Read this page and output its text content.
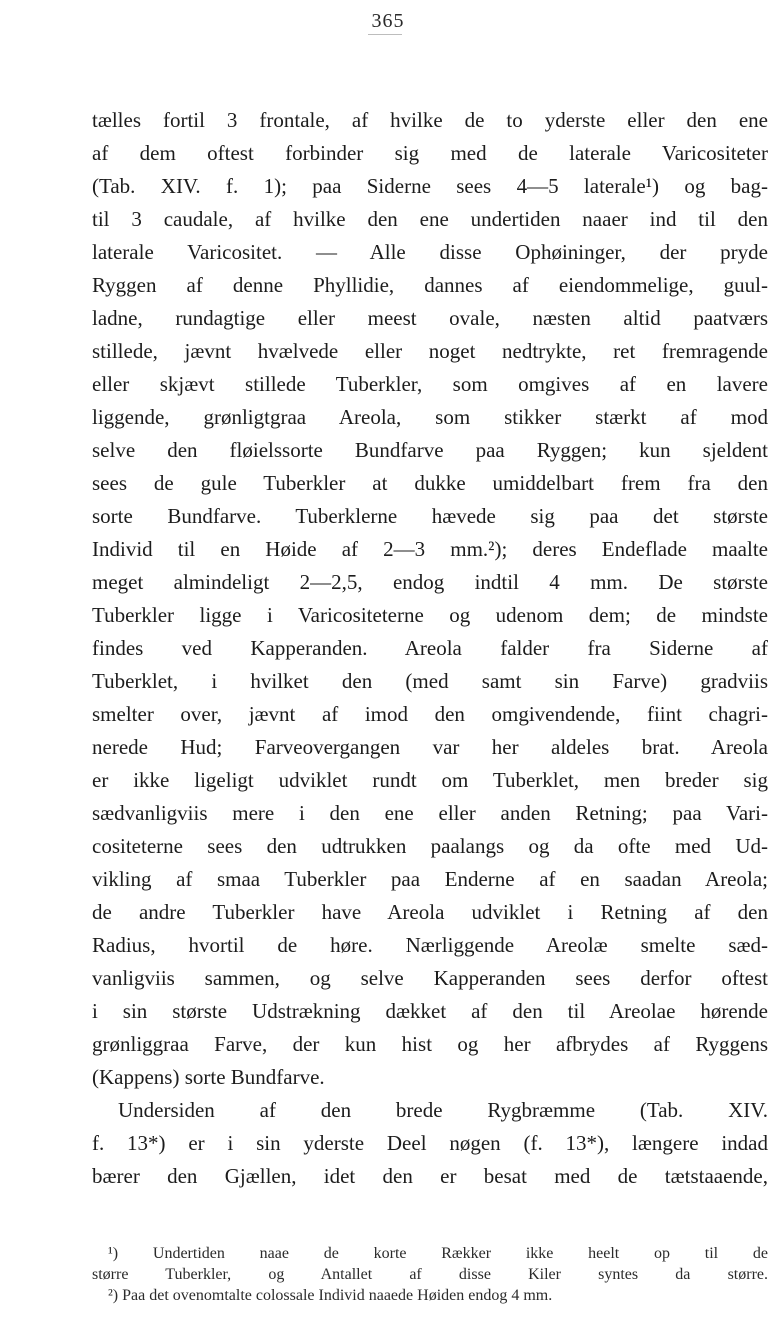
365
tælles fortil 3 frontale, af hvilke de to yderste eller den ene
af dem oftest forbinder sig med de laterale Varicositeter
(Tab. XIV. f. 1); paa Siderne sees 4—5 laterale¹) og bag-
til 3 caudale, af hvilke den ene undertiden naaer ind til den
laterale Varicositet. — Alle disse Ophøininger, der pryde
Ryggen af denne Phyllidie, dannes af eiendommelige, guul-
ladne, rundagtige eller meest ovale, næsten altid paatværs
stillede, jævnt hvælvede eller noget nedtrykte, ret fremragende
eller skjævt stillede Tuberkler, som omgives af en lavere
liggende, grønligtgraa Areola, som stikker stærkt af mod
selve den fløielssorte Bundfarve paa Ryggen; kun sjeldent
sees de gule Tuberkler at dukke umiddelbart frem fra den
sorte Bundfarve. Tuberklerne hævede sig paa det største
Individ til en Høide af 2—3 mm.²); deres Endeflade maalte
meget almindeligt 2—2,5, endog indtil 4 mm. De største
Tuberkler ligge i Varicositeterne og udenom dem; de mindste
findes ved Kapperanden. Areola falder fra Siderne af
Tuberklet, i hvilket den (med samt sin Farve) gradviis
smelter over, jævnt af imod den omgivendende, fiint chagri-
nerede Hud; Farveovergangen var her aldeles brat. Areola
er ikke ligeligt udviklet rundt om Tuberklet, men breder sig
sædvanligviis mere i den ene eller anden Retning; paa Vari-
cositeterne sees den udtrukken paalangs og da ofte med Ud-
vikling af smaa Tuberkler paa Enderne af en saadan Areola;
de andre Tuberkler have Areola udviklet i Retning af den
Radius, hvortil de høre. Nærliggende Areolæ smelte sæd-
vanligviis sammen, og selve Kapperanden sees derfor oftest
i sin største Udstrækning dækket af den til Areolae hørende
grønliggraa Farve, der kun hist og her afbrydes af Ryggens
(Kappens) sorte Bundfarve.
Undersiden af den brede Rygbræmme (Tab. XIV.
f. 13*) er i sin yderste Deel nøgen (f. 13*), længere indad
bærer den Gjællen, idet den er besat med de tætstaaende,
¹) Undertiden naae de korte Rækker ikke heelt op til de
større Tuberkler, og Antallet af disse Kiler syntes da større.
²) Paa det ovenomtalte colossale Individ naaede Høiden endog 4 mm.
